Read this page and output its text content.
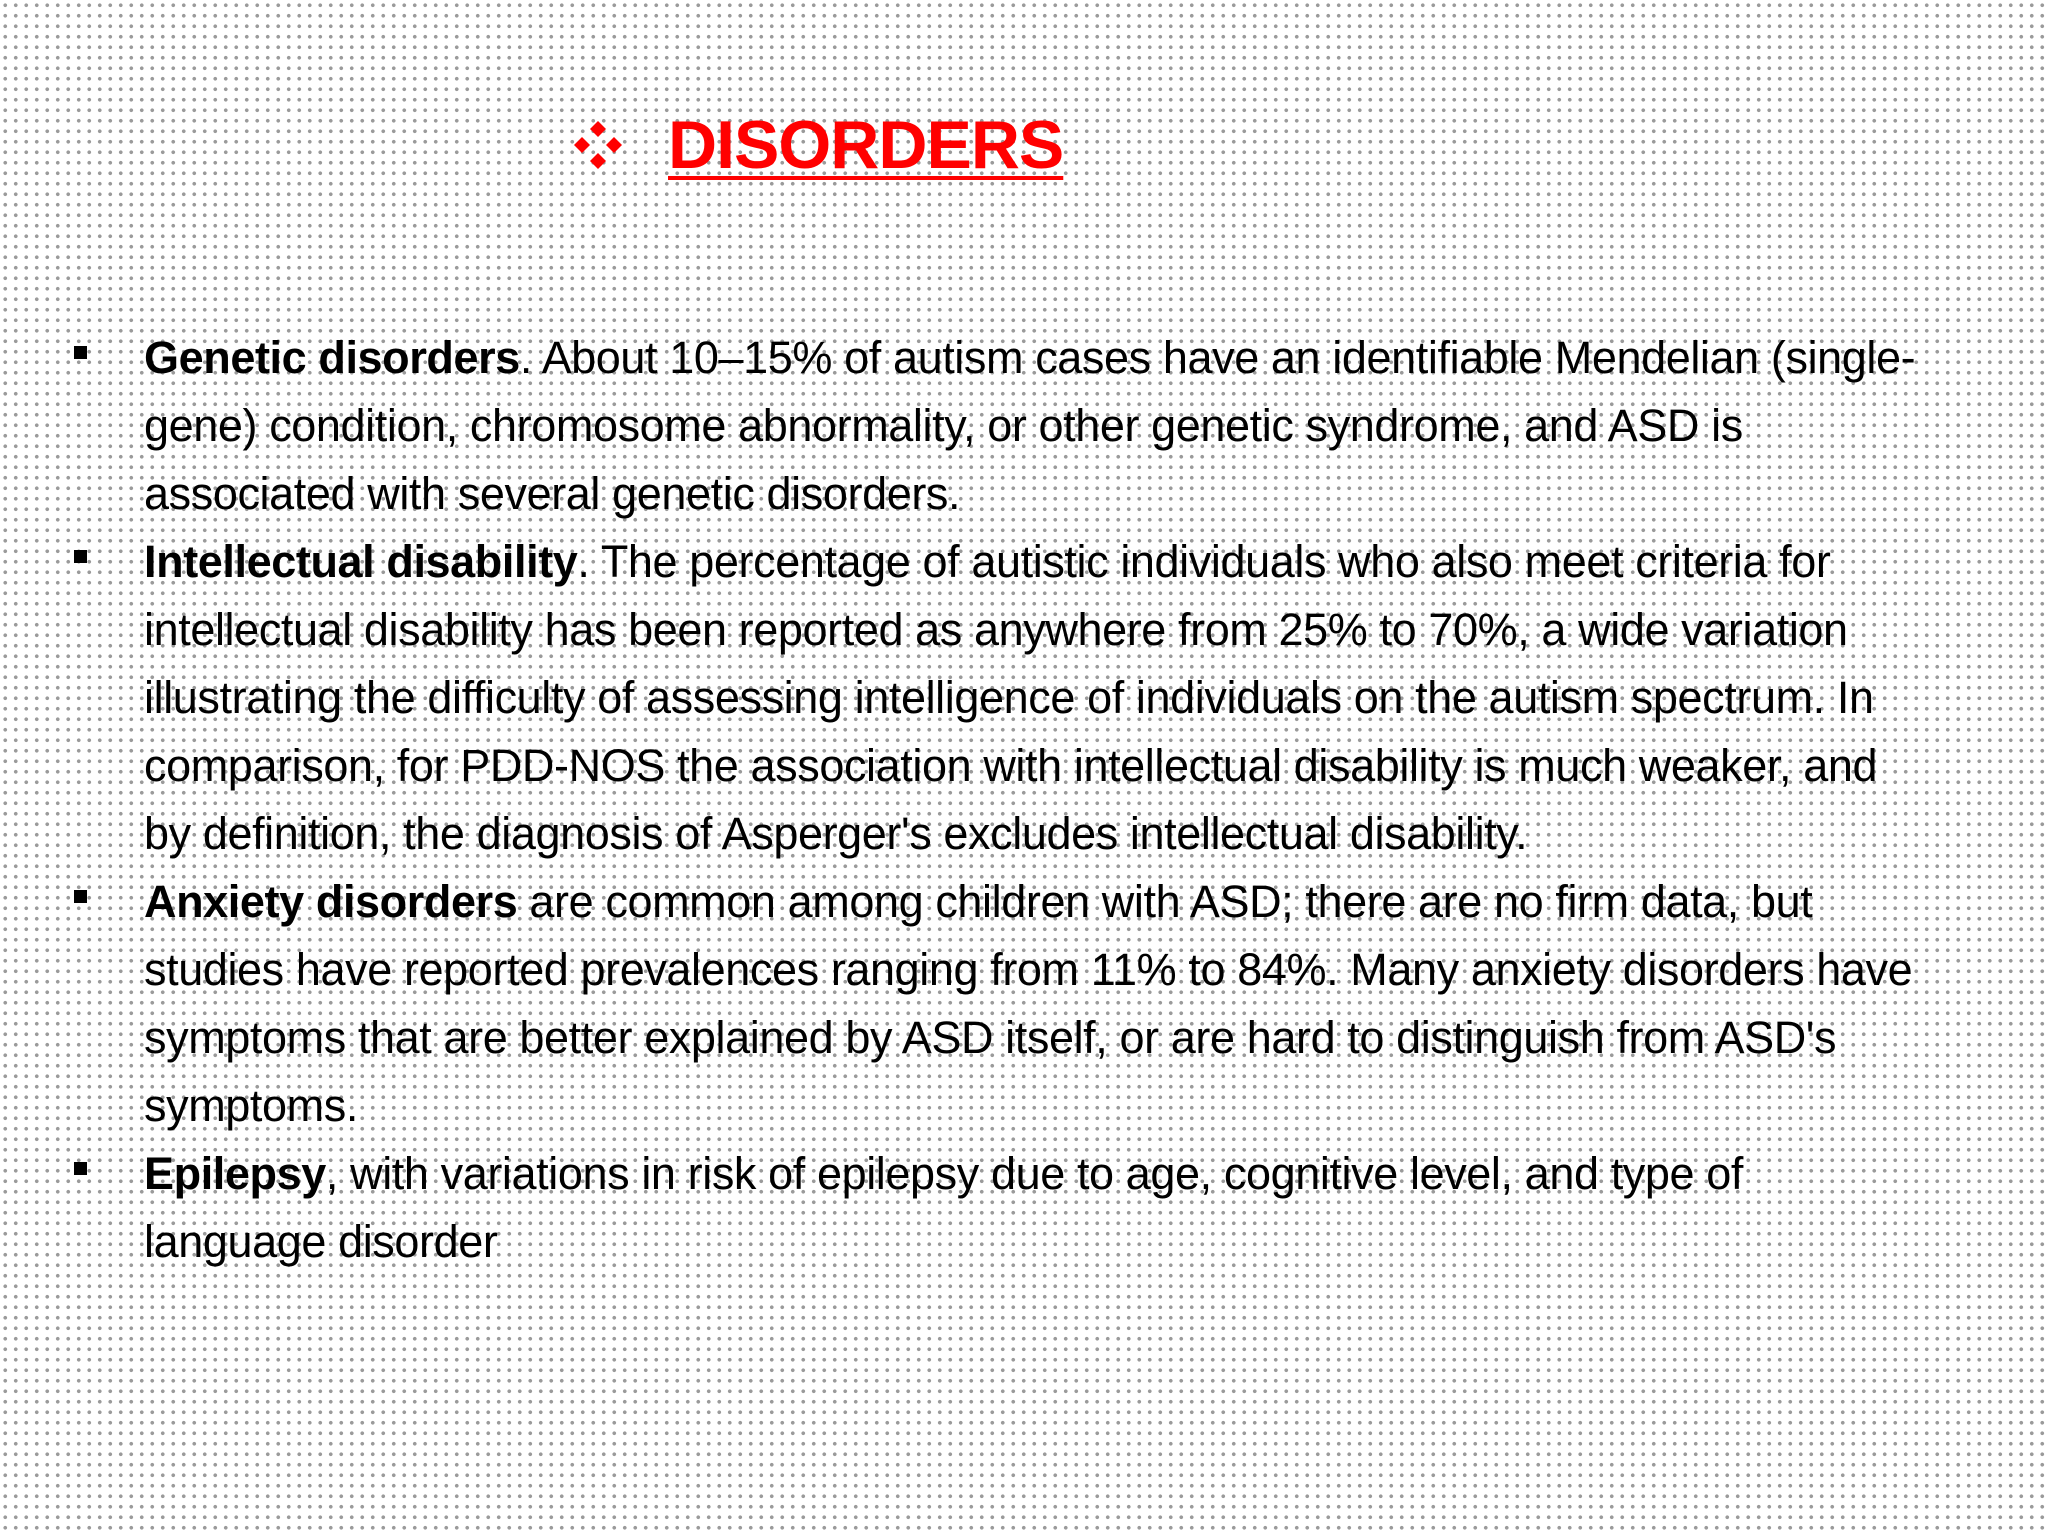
DISORDERS
Genetic disorders. About 10–15% of autism cases have an identifiable Mendelian (single-gene) condition, chromosome abnormality, or other genetic syndrome, and ASD is associated with several genetic disorders.
Intellectual disability. The percentage of autistic individuals who also meet criteria for intellectual disability has been reported as anywhere from 25% to 70%, a wide variation illustrating the difficulty of assessing intelligence of individuals on the autism spectrum. In comparison, for PDD-NOS the association with intellectual disability is much weaker, and by definition, the diagnosis of Asperger's excludes intellectual disability.
Anxiety disorders are common among children with ASD; there are no firm data, but studies have reported prevalences ranging from 11% to 84%. Many anxiety disorders have symptoms that are better explained by ASD itself, or are hard to distinguish from ASD's symptoms.
Epilepsy, with variations in risk of epilepsy due to age, cognitive level, and type of language disorder
